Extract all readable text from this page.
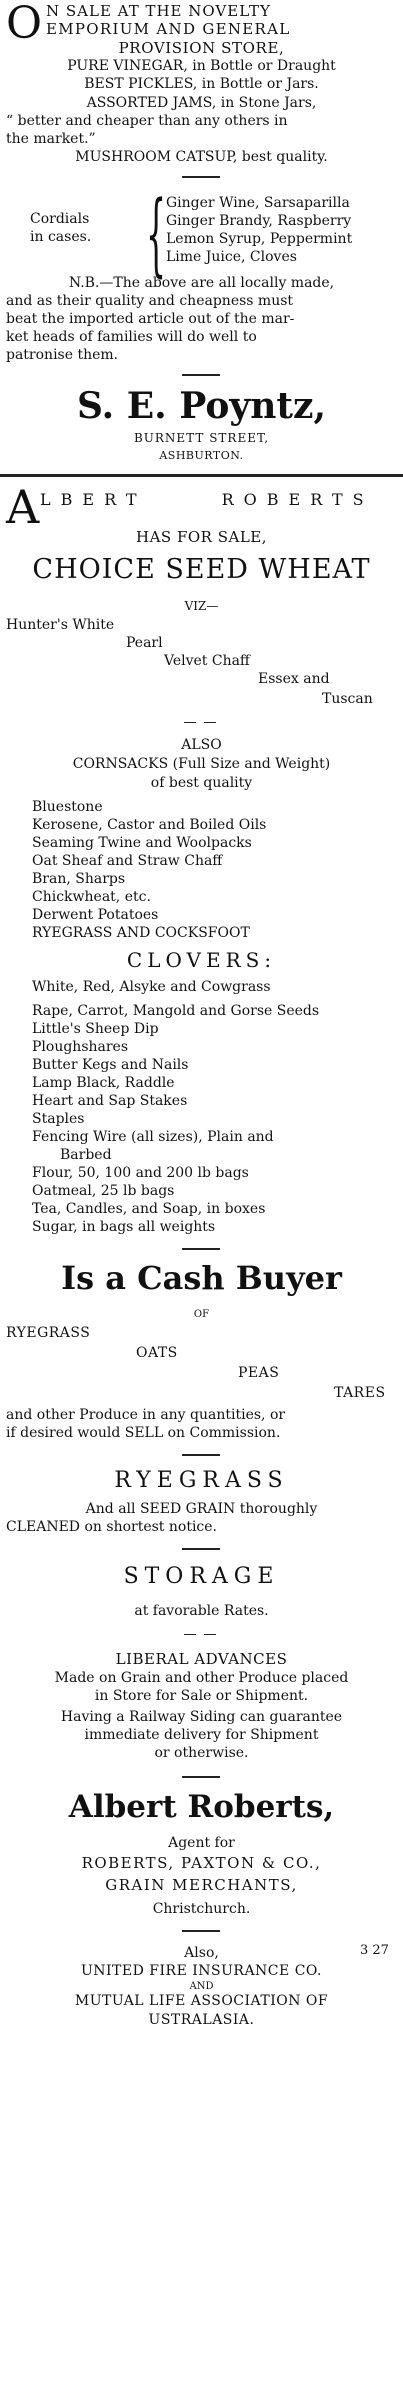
O N SALE AT THE NOVELTY
EMPORIUM AND GENERAL
PROVISION STORE,
PURE VINEGAR, in Bottle or Draught
BEST PICKLES, in Bottle or Jars.
ASSORTED JAMS, in Stone Jars,
“ better and cheaper than any others in
the market.”
MUSHROOM CATSUP, best quality.
Cordials
in cases. { Ginger Wine, Sarsaparilla
Ginger Brandy, Raspberry
Lemon Syrup, Peppermint
Lime Juice, Cloves
N.B.—The above are all locally made,
and as their quality and cheapness must
beat the imported article out of the mar-
ket heads of families will do well to
patronise them.
S. E. Poyntz,
BURNETT STREET,
ASHBURTON.
A LBERT ROBERTS
HAS FOR SALE,
CHOICE SEED WHEAT
VIZ—
Hunter's White
Pearl
Velvet Chaff
Essex and
Tuscan
ALSO
CORNSACKS (Full Size and Weight)
of best quality
Bluestone
Kerosene, Castor and Boiled Oils
Seaming Twine and Woolpacks
Oat Sheaf and Straw Chaff
Bran, Sharps
Chickwheat, etc.
Derwent Potatoes
RYEGRASS AND COCKSFOOT
CLOVERS:
White, Red, Alsyke and Cowgrass
Rape, Carrot, Mangold and Gorse Seeds
Little's Sheep Dip
Ploughshares
Butter Kegs and Nails
Lamp Black, Raddle
Heart and Sap Stakes
Staples
Fencing Wire (all sizes), Plain and
Barbed
Flour, 50, 100 and 200 lb bags
Oatmeal, 25 lb bags
Tea, Candles, and Soap, in boxes
Sugar, in bags all weights
Is a Cash Buyer
OF
RYEGRASS
OATS
PEAS
TARES
and other Produce in any quantities, or
if desired would SELL on Commission.
RYEGRASS
And all SEED GRAIN thoroughly
CLEANED on shortest notice.
STORAGE
at favorable Rates.
LIBERAL ADVANCES
Made on Grain and other Produce placed
in Store for Sale or Shipment.
Having a Railway Siding can guarantee
immediate delivery for Shipment
or otherwise.
Albert Roberts,
Agent for
ROBERTS, PAXTON & CO.,
GRAIN MERCHANTS,
Christchurch.
Also,
UNITED FIRE INSURANCE CO.
AND
MUTUAL LIFE ASSOCIATION OF
USTRALASIA.
3 27
